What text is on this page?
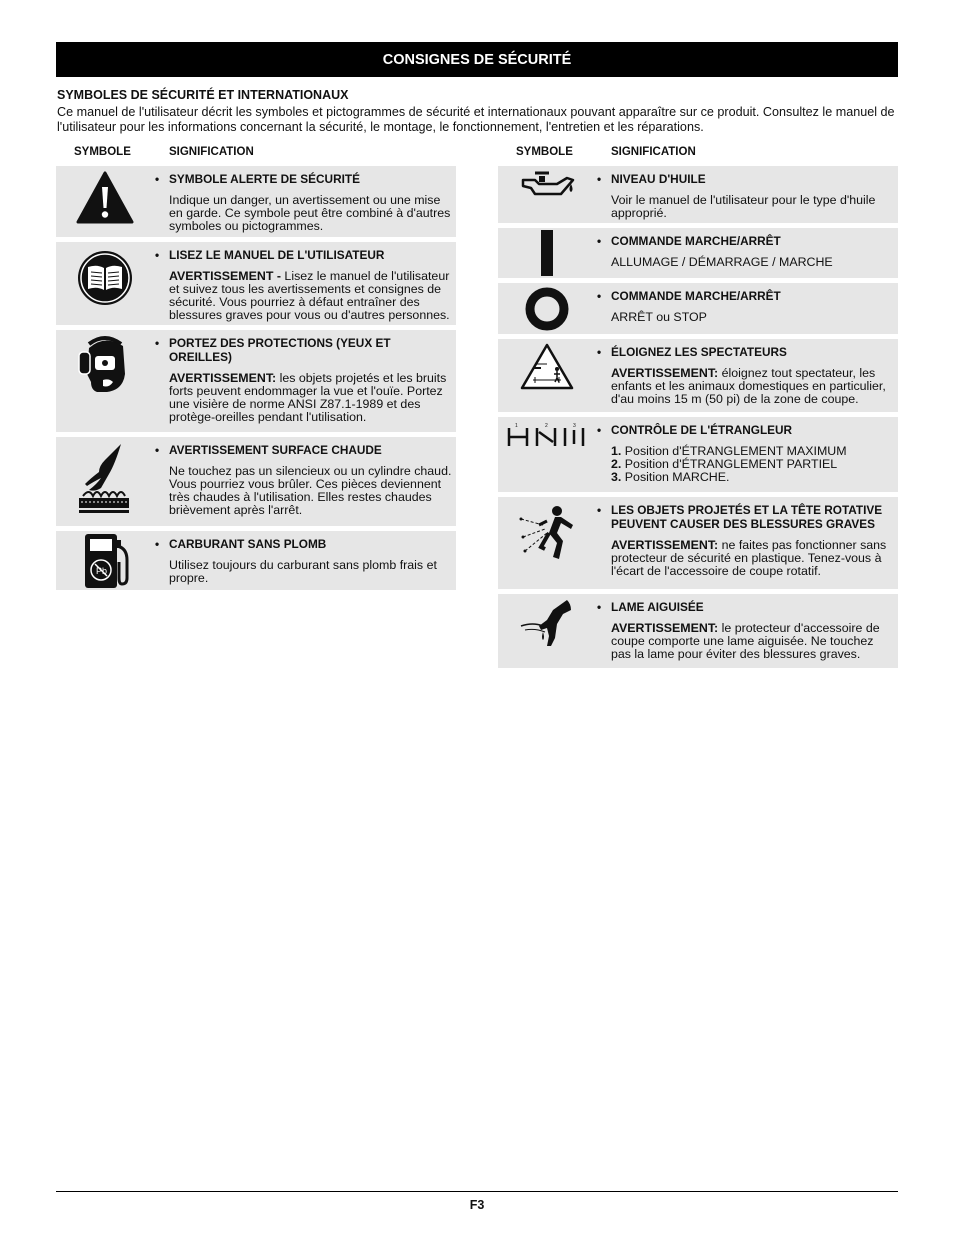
CONSIGNES DE SÉCURITÉ
SYMBOLES DE SÉCURITÉ ET INTERNATIONAUX
Ce manuel de l'utilisateur décrit les symboles et pictogrammes de sécurité et internationaux pouvant apparaître sur ce produit. Consultez le manuel de l'utilisateur pour les informations concernant la sécurité, le montage, le fonctionnement, l'entretien et les réparations.
SYMBOLE	SIGNIFICATION
• SYMBOLE ALERTE DE SÉCURITÉ
Indique un danger, un avertissement ou une mise en garde. Ce symbole peut être combiné à d'autres symboles ou pictogrammes.
• LISEZ LE MANUEL DE L'UTILISATEUR
AVERTISSEMENT - Lisez le manuel de l'utilisateur et suivez tous les avertissements et consignes de sécurité. Vous pourriez à défaut entraîner des blessures graves pour vous ou d'autres personnes.
• PORTEZ DES PROTECTIONS (YEUX ET OREILLES)
AVERTISSEMENT: les objets projetés et les bruits forts peuvent endommager la vue et l'ouïe. Portez une visière de norme ANSI Z87.1-1989 et des protège-oreilles pendant l'utilisation.
• AVERTISSEMENT SURFACE CHAUDE
Ne touchez pas un silencieux ou un cylindre chaud. Vous pourriez vous brûler. Ces pièces deviennent très chaudes à l'utilisation. Elles restes chaudes brièvement après l'arrêt.
Pb
• CARBURANT SANS PLOMB
Utilisez toujours du carburant sans plomb frais et propre.
SYMBOLE	SIGNIFICATION
• NIVEAU D'HUILE
Voir le manuel de l'utilisateur pour le type d'huile approprié.
• COMMANDE MARCHE/ARRÊT
ALLUMAGE / DÉMARRAGE / MARCHE
• COMMANDE MARCHE/ARRÊT
ARRÊT ou STOP
• ÉLOIGNEZ LES SPECTATEURS
AVERTISSEMENT: éloignez tout spectateur, les enfants et les animaux domestiques en particulier, d'au moins 15 m (50 pi) de la zone de coupe.
1	2	3
•	CONTRÔLE DE L'ÉTRANGLEUR
1. Position d'ÉTRANGLEMENT MAXIMUM
2. Position d'ÉTRANGLEMENT PARTIEL
3. Position MARCHE.
• LES OBJETS PROJETÉS ET LA TÊTE ROTATIVE PEUVENT CAUSER DES BLESSURES GRAVES
AVERTISSEMENT: ne faites pas fonctionner sans protecteur de sécurité en plastique. Tenez-vous à l'écart de l'accessoire de coupe rotatif.
• LAME AIGUISÉE
AVERTISSEMENT: le protecteur d'accessoire de coupe comporte une lame aiguisée. Ne touchez pas la lame pour éviter des blessures graves.
F3
